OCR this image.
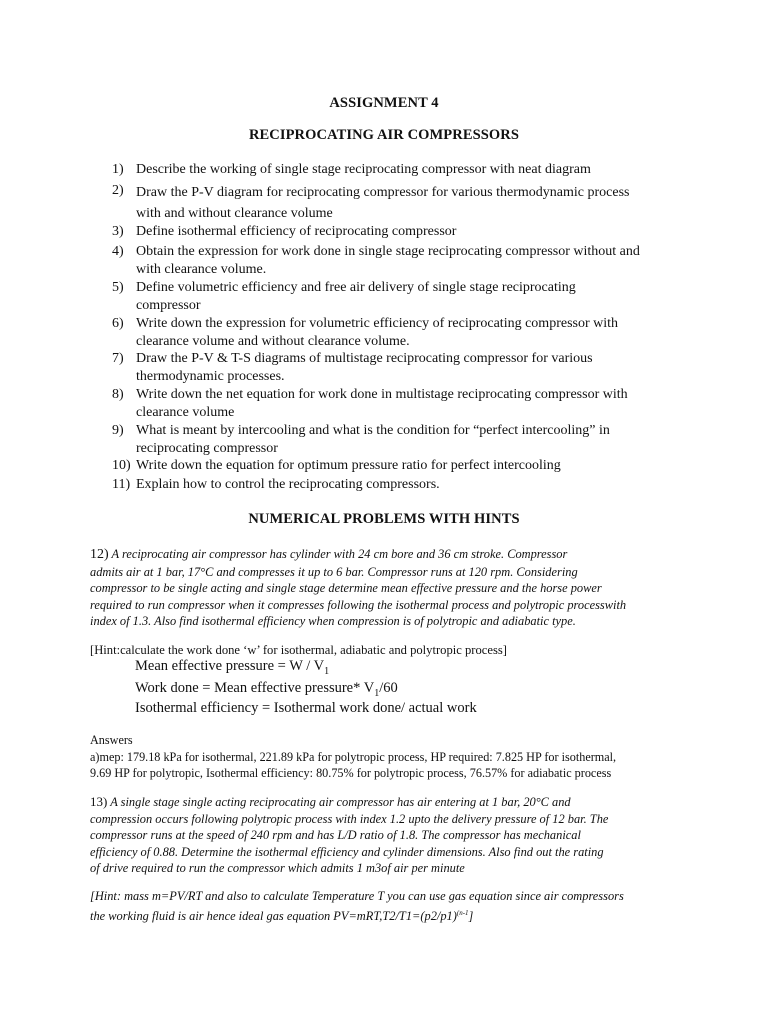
ASSIGNMENT 4
RECIPROCATING AIR COMPRESSORS
1) Describe the working of single stage reciprocating compressor with neat diagram
2) Draw the P-V diagram for reciprocating compressor for various thermodynamic process
with and without clearance volume
3) Define isothermal efficiency of reciprocating compressor
4) Obtain the expression for work done in single stage reciprocating compressor without and
with clearance volume.
5) Define volumetric efficiency and free air delivery of single stage reciprocating
compressor
6) Write down the expression for volumetric efficiency of reciprocating compressor with
clearance volume and without clearance volume.
7) Draw the P-V & T-S diagrams of multistage reciprocating compressor for various
thermodynamic processes.
8) Write down the net equation for work done in multistage reciprocating compressor with
clearance volume
9) What is meant by intercooling and what is the condition for “perfect intercooling” in
reciprocating compressor
10) Write down the equation for optimum pressure ratio for perfect intercooling
11) Explain how to control the reciprocating compressors.
NUMERICAL PROBLEMS WITH HINTS
12) A reciprocating air compressor has cylinder with 24 cm bore and 36 cm stroke. Compressor
admits air at 1 bar, 17°C and compresses it up to 6 bar. Compressor runs at 120 rpm. Considering
compressor to be single acting and single stage determine mean effective pressure and the horse power
required to run compressor when it compresses following the isothermal process and polytropic processwith
index of 1.3. Also find isothermal efficiency when compression is of polytropic and adiabatic type.
[Hint:calculate the work done ‘w’ for isothermal, adiabatic and polytropic process]
Mean effective pressure = W / $V_1$
Work done = Mean effective pressure* $V_1/60$
Isothermal efficiency = Isothermal work done/ actual work
Answers
a)mep: 179.18 kPa for isothermal, 221.89 kPa for polytropic process, HP required: 7.825 HP for isothermal,
9.69 HP for polytropic, Isothermal efficiency: 80.75% for polytropic process, 76.57% for adiabatic process
13) A single stage single acting reciprocating air compressor has air entering at 1 bar, 20°C and
compression occurs following polytropic process with index 1.2 upto the delivery pressure of 12 bar. The
compressor runs at the speed of 240 rpm and has L/D ratio of 1.8. The compressor has mechanical
efficiency of 0.88. Determine the isothermal efficiency and cylinder dimensions. Also find out the rating
of drive required to run the compressor which admits 1 m3of air per minute
[Hint: mass m=PV/RT and also to calculate Temperature T you can use gas equation since air compressors
the working fluid is air hence ideal gas equation $PV=mRT,T2/T1=(p2/p1)^{(n-1}$]
